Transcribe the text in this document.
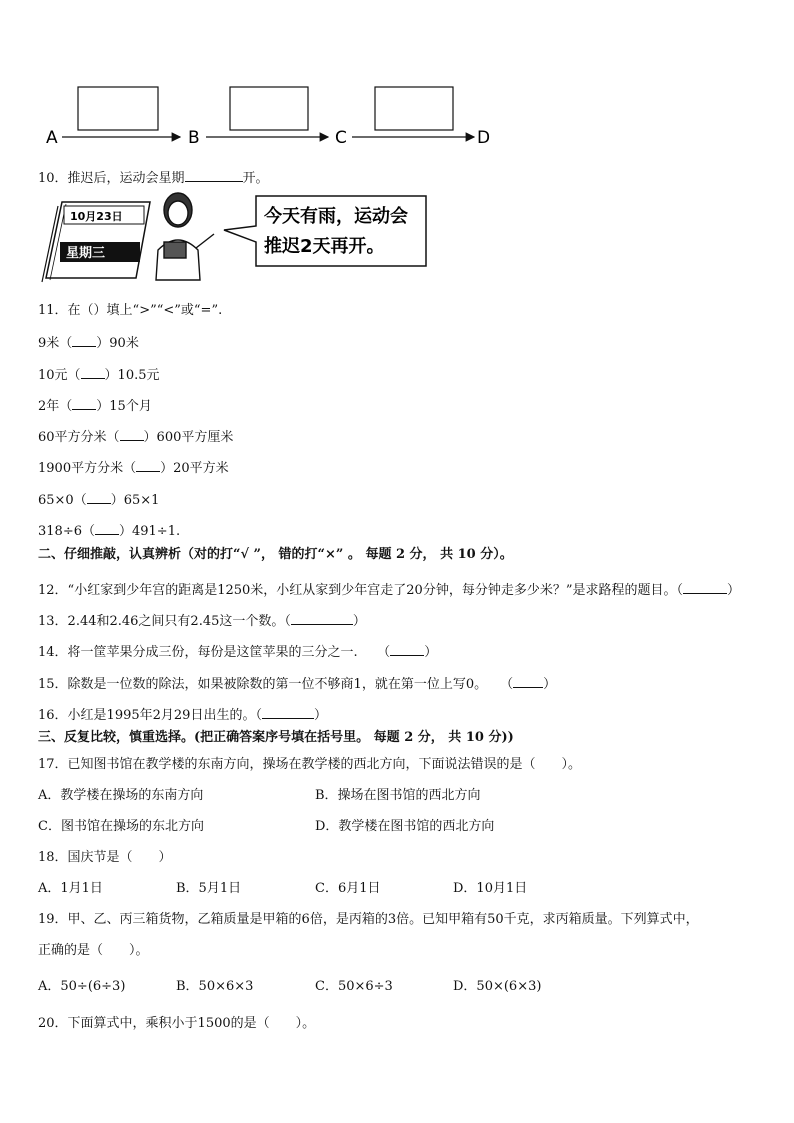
A	B	C	D
10．推迟后，运动会星期	开。
10月23日
星期三
今天有雨，运动会
推迟2天再开。
11．在（）填上“>”“<”或“=”.
9米（ ）90米
10元（ ）10.5元
2年（ ）15个月
60平方分米（ ）600平方厘米
1900平方分米（ ）20平方米
65×0（ ）65×1
318÷6（ ）491÷1.
二、仔细推敲，认真辨析（对的打“√ ”， 错的打“×” 。 每题 2 分， 共 10 分）。
12．“小红家到少年宫的距离是1250米，小红从家到少年宫走了20分钟，每分钟走多少米？”是求路程的题目。（	）
13．2.44和2.46之间只有2.45这一个数。（	）
14．将一筐苹果分成三份，每份是这筐苹果的三分之一.　　（	）
15．除数是一位数的除法，如果被除数的第一位不够商1，就在第一位上写0。　　（ ）
16．小红是1995年2月29日出生的。（	）
三、反复比较，慎重选择。(把正确答案序号填在括号里。 每题 2 分， 共 10 分))
17．已知图书馆在教学楼的东南方向，操场在教学楼的西北方向，下面说法错误的是（　　）。
A．教学楼在操场的东南方向	B．操场在图书馆的西北方向
C．图书馆在操场的东北方向	D．教学楼在图书馆的西北方向
18．国庆节是（　　）
A．1月1日	B．5月1日	C．6月1日	D．10月1日
19．甲、乙、丙三箱货物，乙箱质量是甲箱的6倍，是丙箱的3倍。已知甲箱有50千克，求丙箱质量。下列算式中，
正确的是（　　）。
A．50÷(6÷3)	B．50×6×3	C．50×6÷3	D．50×(6×3)
20．下面算式中，乘积小于1500的是（　　）。
